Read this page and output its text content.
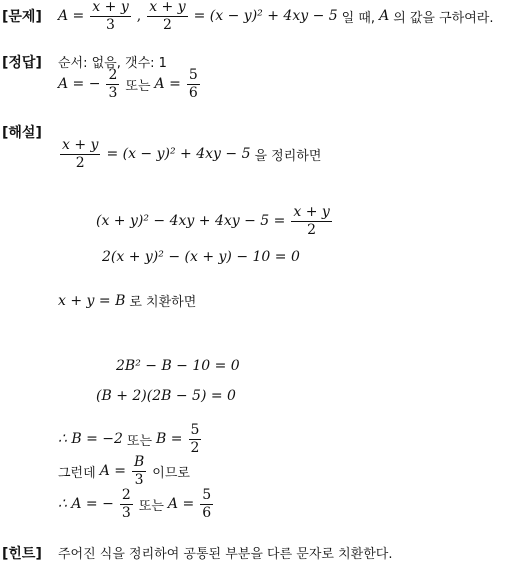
[문제] $A = \frac{x + y}{3}$ , $\frac{x + y}{2} = (x - y)^2 + 4xy - 5$ 일 때, A 의 값을 구하여라.
[정답] 순서: 없음, 갯수: 1
A = − $\frac{2}{3}$ 또는 $A = \frac{5}{6}$
[해설]
$\frac{x + y}{2} = (x - y)^2 + 4xy - 5$ 을 정리하면
$(x + y)^2 - 4xy + 4xy - 5 = \frac{x + y}{2}$
2(x + y)² − (x + y) − 10 = 0
x + y = B 로 치환하면
2B² − B − 10 = 0
(B + 2)(2B − 5) = 0
∴ B = −2 또는 $B = \frac{5}{2}$
그런데 $A = \frac{B}{3}$ 이므로
∴ A = − $\frac{2}{3}$ 또는 $A = \frac{5}{6}$
[힌트] 주어진 식을 정리하여 공통된 부분을 다른 문자로 치환한다.
